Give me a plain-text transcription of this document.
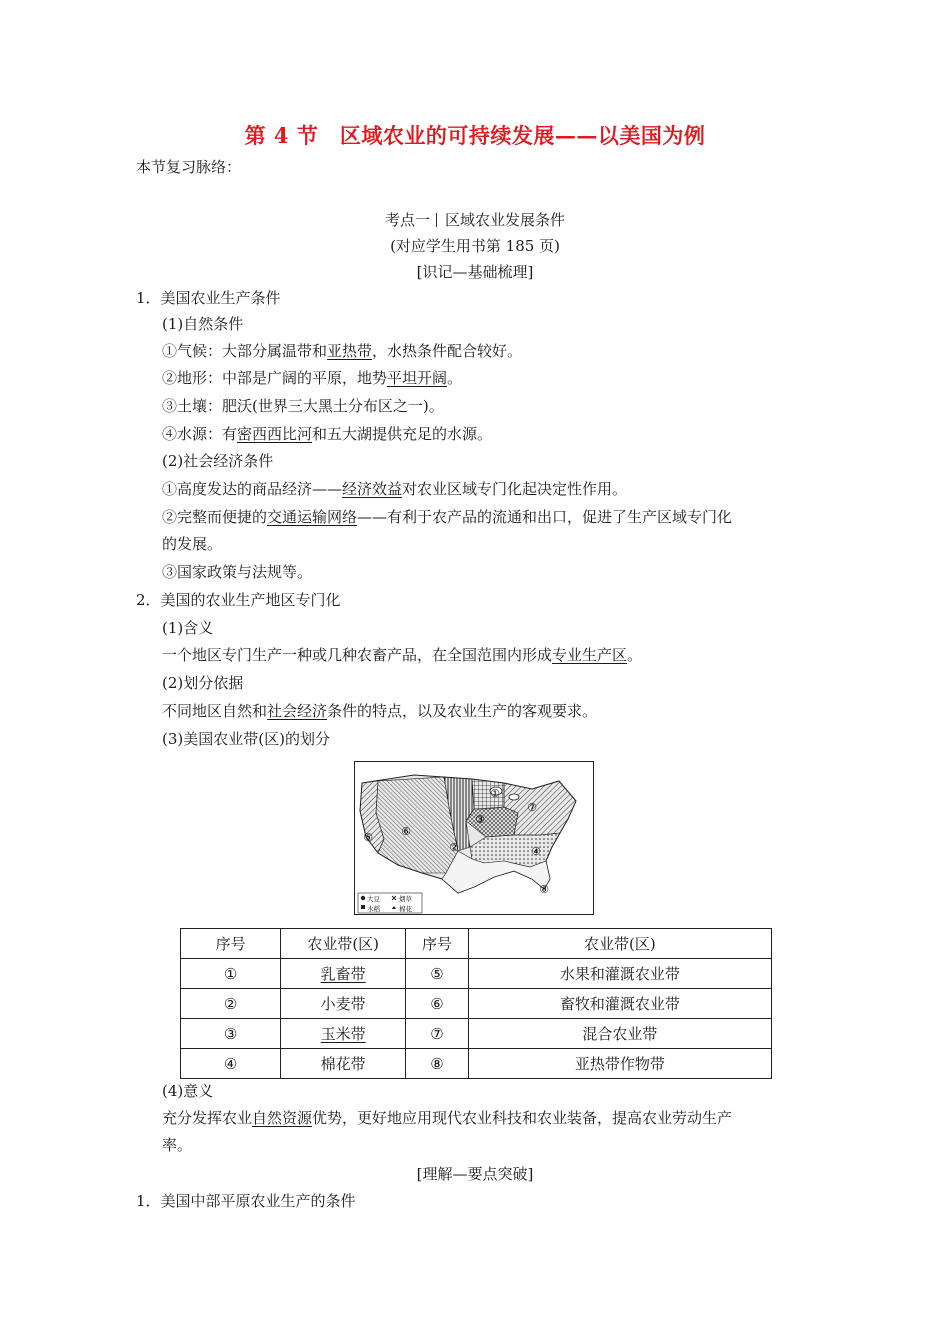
第 4 节　区域农业的可持续发展——以美国为例
本节复习脉络：
考点一 区域农业发展条件
(对应学生用书第 185 页)
[识记—基础梳理]
1．美国农业生产条件
(1)自然条件
①气候：大部分属温带和亚热带，水热条件配合较好。
②地形：中部是广阔的平原，地势平坦开阔。
③土壤：肥沃(世界三大黑土分布区之一)。
④水源：有密西西比河和五大湖提供充足的水源。
(2)社会经济条件
①高度发达的商品经济——经济效益对农业区域专门化起决定性作用。
②完整而便捷的交通运输网络——有利于农产品的流通和出口，促进了生产区域专门化
的发展。
③国家政策与法规等。
2．美国的农业生产地区专门化
(1)含义
一个地区专门生产一种或几种农畜产品，在全国范围内形成专业生产区。
(2)划分依据
不同地区自然和社会经济条件的特点，以及农业生产的客观要求。
(3)美国农业带(区)的划分
①
②
③
④
⑤	⑥
⑦
⑧
大豆	烟草
水稻	棉花
序号	农业带(区)	序号	农业带(区)
①	乳畜带	⑤	水果和灌溉农业带
②	小麦带	⑥	畜牧和灌溉农业带
③	玉米带	⑦	混合农业带
④	棉花带	⑧	亚热带作物带
(4)意义
充分发挥农业自然资源优势，更好地应用现代农业科技和农业装备，提高农业劳动生产
率。
[理解—要点突破]
1．美国中部平原农业生产的条件
